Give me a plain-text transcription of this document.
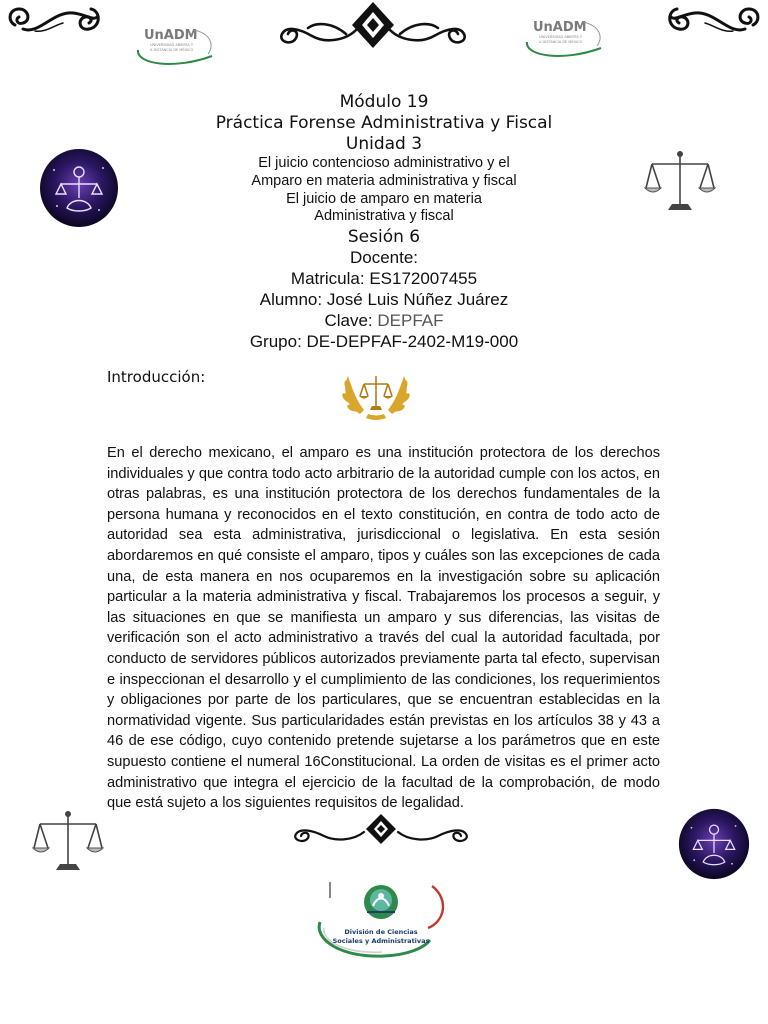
UnADM
UNIVERSIDAD ABIERTA Y
A DISTANCIA DE MÉXICO
UnADM
UNIVERSIDAD ABIERTA Y
A DISTANCIA DE MÉXICO
Módulo 19
Práctica Forense Administrativa y Fiscal
Unidad 3
El juicio contencioso administrativo y el
Amparo en materia administrativa y fiscal
El juicio de amparo en materia
Administrativa y fiscal
Sesión 6
Docente:
Matricula: ES172007455
Alumno: José Luis Núñez Juárez
Clave: DEPFAF
Grupo: DE-DEPFAF-2402-M19-000
Introducción:
En el derecho mexicano, el amparo es una institución protectora de los derechos individuales y que contra todo acto arbitrario de la autoridad cumple con los actos, en otras palabras, es una institución protectora de los derechos fundamentales de la persona humana y reconocidos en el texto constitución, en contra de todo acto de autoridad sea esta administrativa, jurisdiccional o legislativa. En esta sesión abordaremos en qué consiste el amparo, tipos y cuáles son las excepciones de cada una, de esta manera en nos ocuparemos en la investigación sobre su aplicación particular a la materia administrativa y fiscal. Trabajaremos los procesos a seguir, y las situaciones en que se manifiesta un amparo y sus diferencias, las visitas de verificación son el acto administrativo a través del cual la autoridad facultada, por conducto de servidores públicos autorizados previamente parta tal efecto, supervisan e inspeccionan el desarrollo y el cumplimiento de las condiciones, los requerimientos y obligaciones por parte de los particulares, que se encuentran establecidas en la normatividad vigente. Sus particularidades están previstas en los artículos 38 y 43 a 46 de ese código, cuyo contenido pretende sujetarse a los parámetros que en este supuesto contiene el numeral 16Constitucional. La orden de visitas es el primer acto administrativo que integra el ejercicio de la facultad de la comprobación, de modo que está sujeto a los siguientes requisitos de legalidad.
División de Ciencias
Sociales y Administrativas
